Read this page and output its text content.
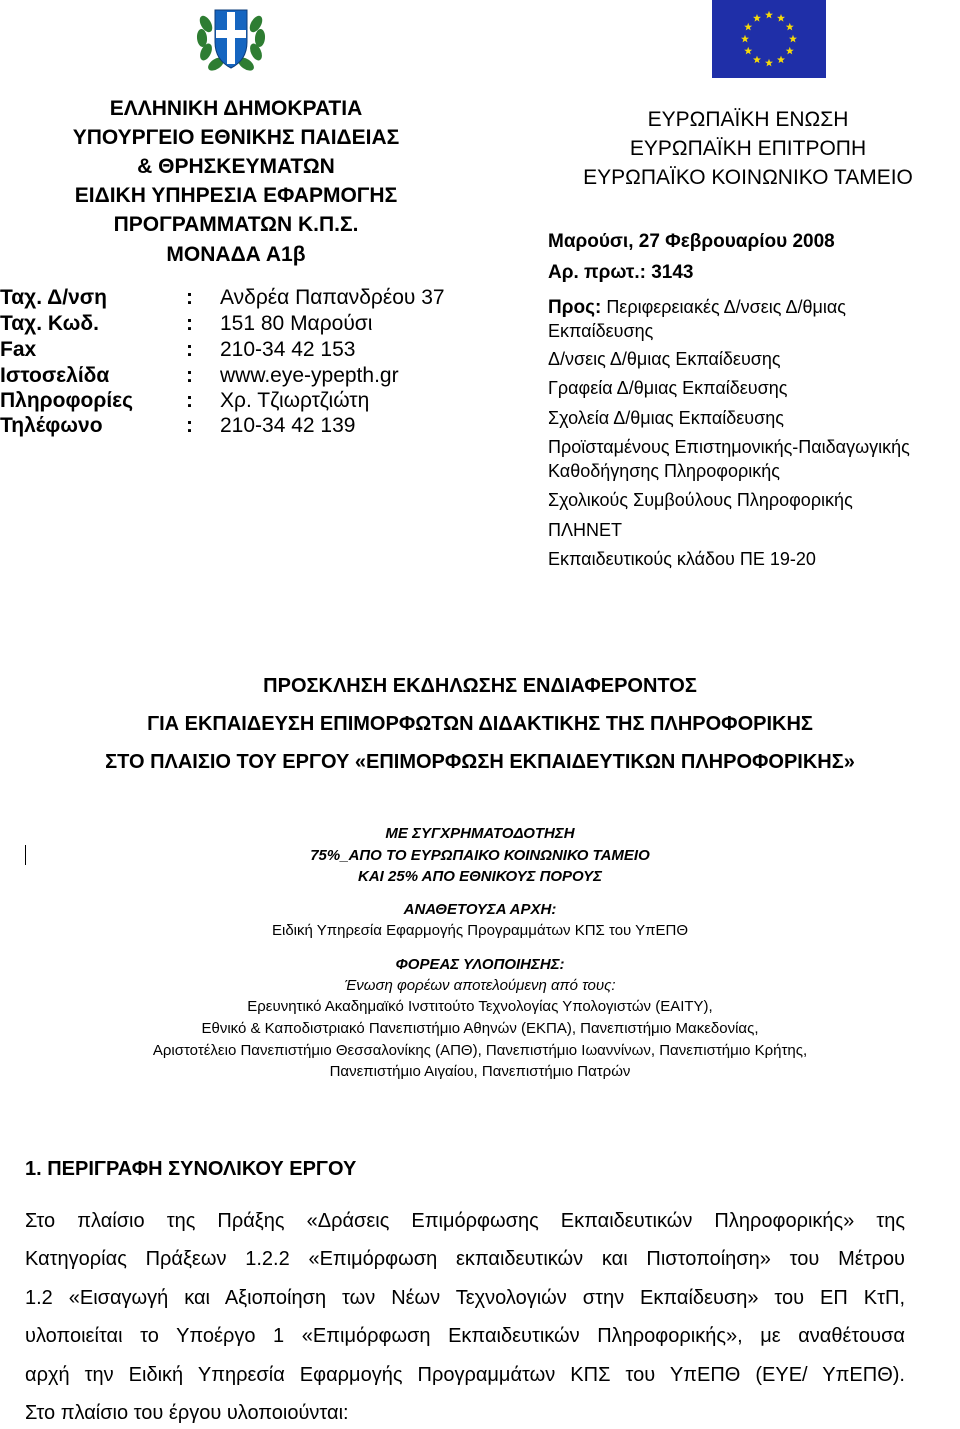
ΕΛΛΗΝΙΚΗ ΔΗΜΟΚΡΑΤΙΑ
ΥΠΟΥΡΓΕΙΟ ΕΘΝΙΚΗΣ ΠΑΙΔΕΙΑΣ
& ΘΡΗΣΚΕΥΜΑΤΩΝ
ΕΙΔΙΚΗ ΥΠΗΡΕΣΙΑ ΕΦΑΡΜΟΓΗΣ
ΠΡΟΓΡΑΜΜΑΤΩΝ Κ.Π.Σ.
ΜΟΝΑΔΑ Α1β
Ταχ. Δ/νση	: Ανδρέα Παπανδρέου 37
Ταχ. Κωδ.	: 151 80 Μαρούσι
Fax	: 210-34 42 153
Ιστοσελίδα	: www.eye-ypepth.gr
Πληροφορίες	: Χρ. Τζιωρτζιώτη
Τηλέφωνο	: 210-34 42 139
ΕΥΡΩΠΑΪΚΗ ΕΝΩΣΗ
ΕΥΡΩΠΑΪΚΗ ΕΠΙΤΡΟΠΗ
ΕΥΡΩΠΑΪΚΟ ΚΟΙΝΩΝΙΚΟ ΤΑΜΕΙΟ
Μαρούσι, 27 Φεβρουαρίου 2008
Αρ. πρωτ.: 3143
Προς: Περιφερειακές Δ/νσεις Δ/θμιας
Εκπαίδευσης
Δ/νσεις Δ/θμιας Εκπαίδευσης
Γραφεία Δ/θμιας Εκπαίδευσης
Σχολεία Δ/θμιας Εκπαίδευσης
Προϊσταμένους Επιστημονικής-Παιδαγωγικής
Καθοδήγησης Πληροφορικής
Σχολικούς Συμβούλους Πληροφορικής
ΠΛΗΝΕΤ
Εκπαιδευτικούς κλάδου ΠΕ 19-20
ΠΡΟΣΚΛΗΣΗ ΕΚΔΗΛΩΣΗΣ ΕΝΔΙΑΦΕΡΟΝΤΟΣ
ΓΙΑ ΕΚΠΑΙΔΕΥΣΗ ΕΠΙΜΟΡΦΩΤΩΝ ΔΙΔΑΚΤΙΚΗΣ ΤΗΣ ΠΛΗΡΟΦΟΡΙΚΗΣ
ΣΤΟ ΠΛΑΙΣΙΟ ΤΟΥ ΕΡΓΟΥ «ΕΠΙΜΟΡΦΩΣΗ ΕΚΠΑΙΔΕΥΤΙΚΩΝ ΠΛΗΡΟΦΟΡΙΚΗΣ»
ΜΕ ΣΥΓΧΡΗΜΑΤΟΔΟΤΗΣΗ
75%_ΑΠΟ ΤΟ ΕΥΡΩΠΑΙΚΟ ΚΟΙΝΩΝΙΚΟ ΤΑΜΕΙΟ
ΚΑΙ 25% ΑΠΟ ΕΘΝΙΚΟΥΣ ΠΟΡΟΥΣ
ΑΝΑΘΕΤΟΥΣΑ ΑΡΧΗ:
Ειδική Υπηρεσία Εφαρμογής Προγραμμάτων ΚΠΣ του ΥπΕΠΘ
ΦΟΡΕΑΣ ΥΛΟΠΟΙΗΣΗΣ:
Ένωση φορέων αποτελούμενη από τους:
Ερευνητικό Ακαδημαϊκό Ινστιτούτο Τεχνολογίας Υπολογιστών (ΕΑΙΤΥ),
Εθνικό & Καποδιστριακό Πανεπιστήμιο Αθηνών (ΕΚΠΑ), Πανεπιστήμιο Μακεδονίας,
Αριστοτέλειο Πανεπιστήμιο Θεσσαλονίκης (ΑΠΘ), Πανεπιστήμιο Ιωαννίνων, Πανεπιστήμιο Κρήτης,
Πανεπιστήμιο Αιγαίου, Πανεπιστήμιο Πατρών
1. ΠΕΡΙΓΡΑΦΗ ΣΥΝΟΛΙΚΟΥ ΕΡΓΟΥ
Στο πλαίσιο της Πράξης «Δράσεις Επιμόρφωσης Εκπαιδευτικών Πληροφορικής» της
Κατηγορίας Πράξεων 1.2.2 «Επιμόρφωση εκπαιδευτικών και Πιστοποίηση» του Μέτρου
1.2 «Εισαγωγή και Αξιοποίηση των Νέων Τεχνολογιών στην Εκπαίδευση» του ΕΠ ΚτΠ,
υλοποιείται το Υποέργο 1 «Επιμόρφωση Εκπαιδευτικών Πληροφορικής», με αναθέτουσα
αρχή την Ειδική Υπηρεσία Εφαρμογής Προγραμμάτων ΚΠΣ του ΥπΕΠΘ (ΕΥΕ/ ΥπΕΠΘ).
Στο πλαίσιο του έργου υλοποιούνται:
